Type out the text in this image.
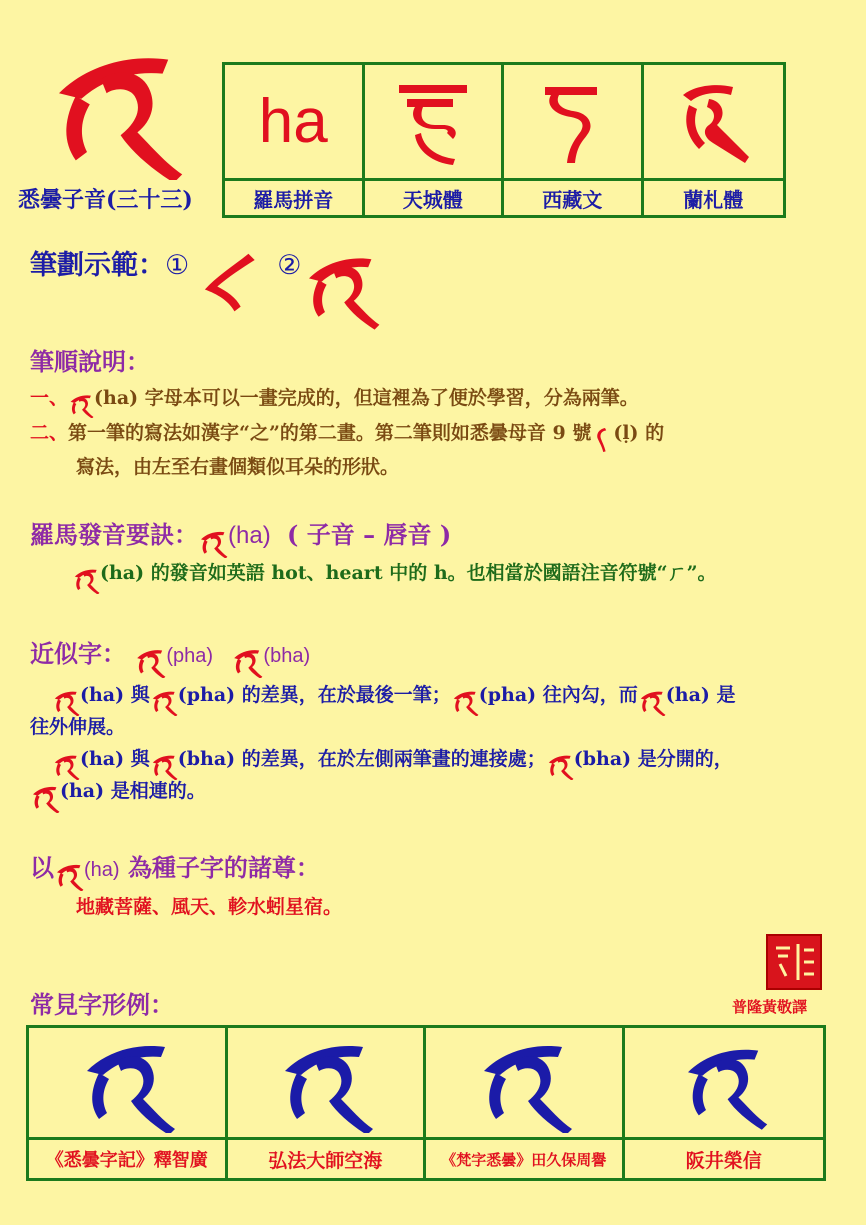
悉曇子音(三十三)
ha
羅馬拼音	天城體	西藏文	蘭札體
筆劃示範：①	②
筆順說明：
一、 (ha) 字母本可以一畫完成的，但這裡為了便於學習，分為兩筆。
二、第一筆的寫法如漢字“之”的第二畫。第二筆則如悉曇母音 9 號 (ḷ) 的
寫法，由左至右畫個類似耳朵的形狀。
羅馬發音要訣： (ha) ( 子音 – 唇音 )
(ha) 的發音如英語 hot、heart 中的 h。也相當於國語注音符號“ㄏ”。
近似字： (pha)	(bha)
(ha) 與 (pha) 的差異，在於最後一筆； (pha) 往內勾，而 (ha) 是
往外伸展。
(ha) 與 (bha) 的差異，在於左側兩筆畫的連接處； (bha) 是分開的，
(ha) 是相連的。
以 (ha) 為種子字的諸尊：
地藏菩薩、風天、軫水蚓星宿。
普隆黃敬譯
常見字形例：
《悉曇字記》釋智廣	弘法大師空海	《梵字悉曇》田久保周譽	阪井榮信
